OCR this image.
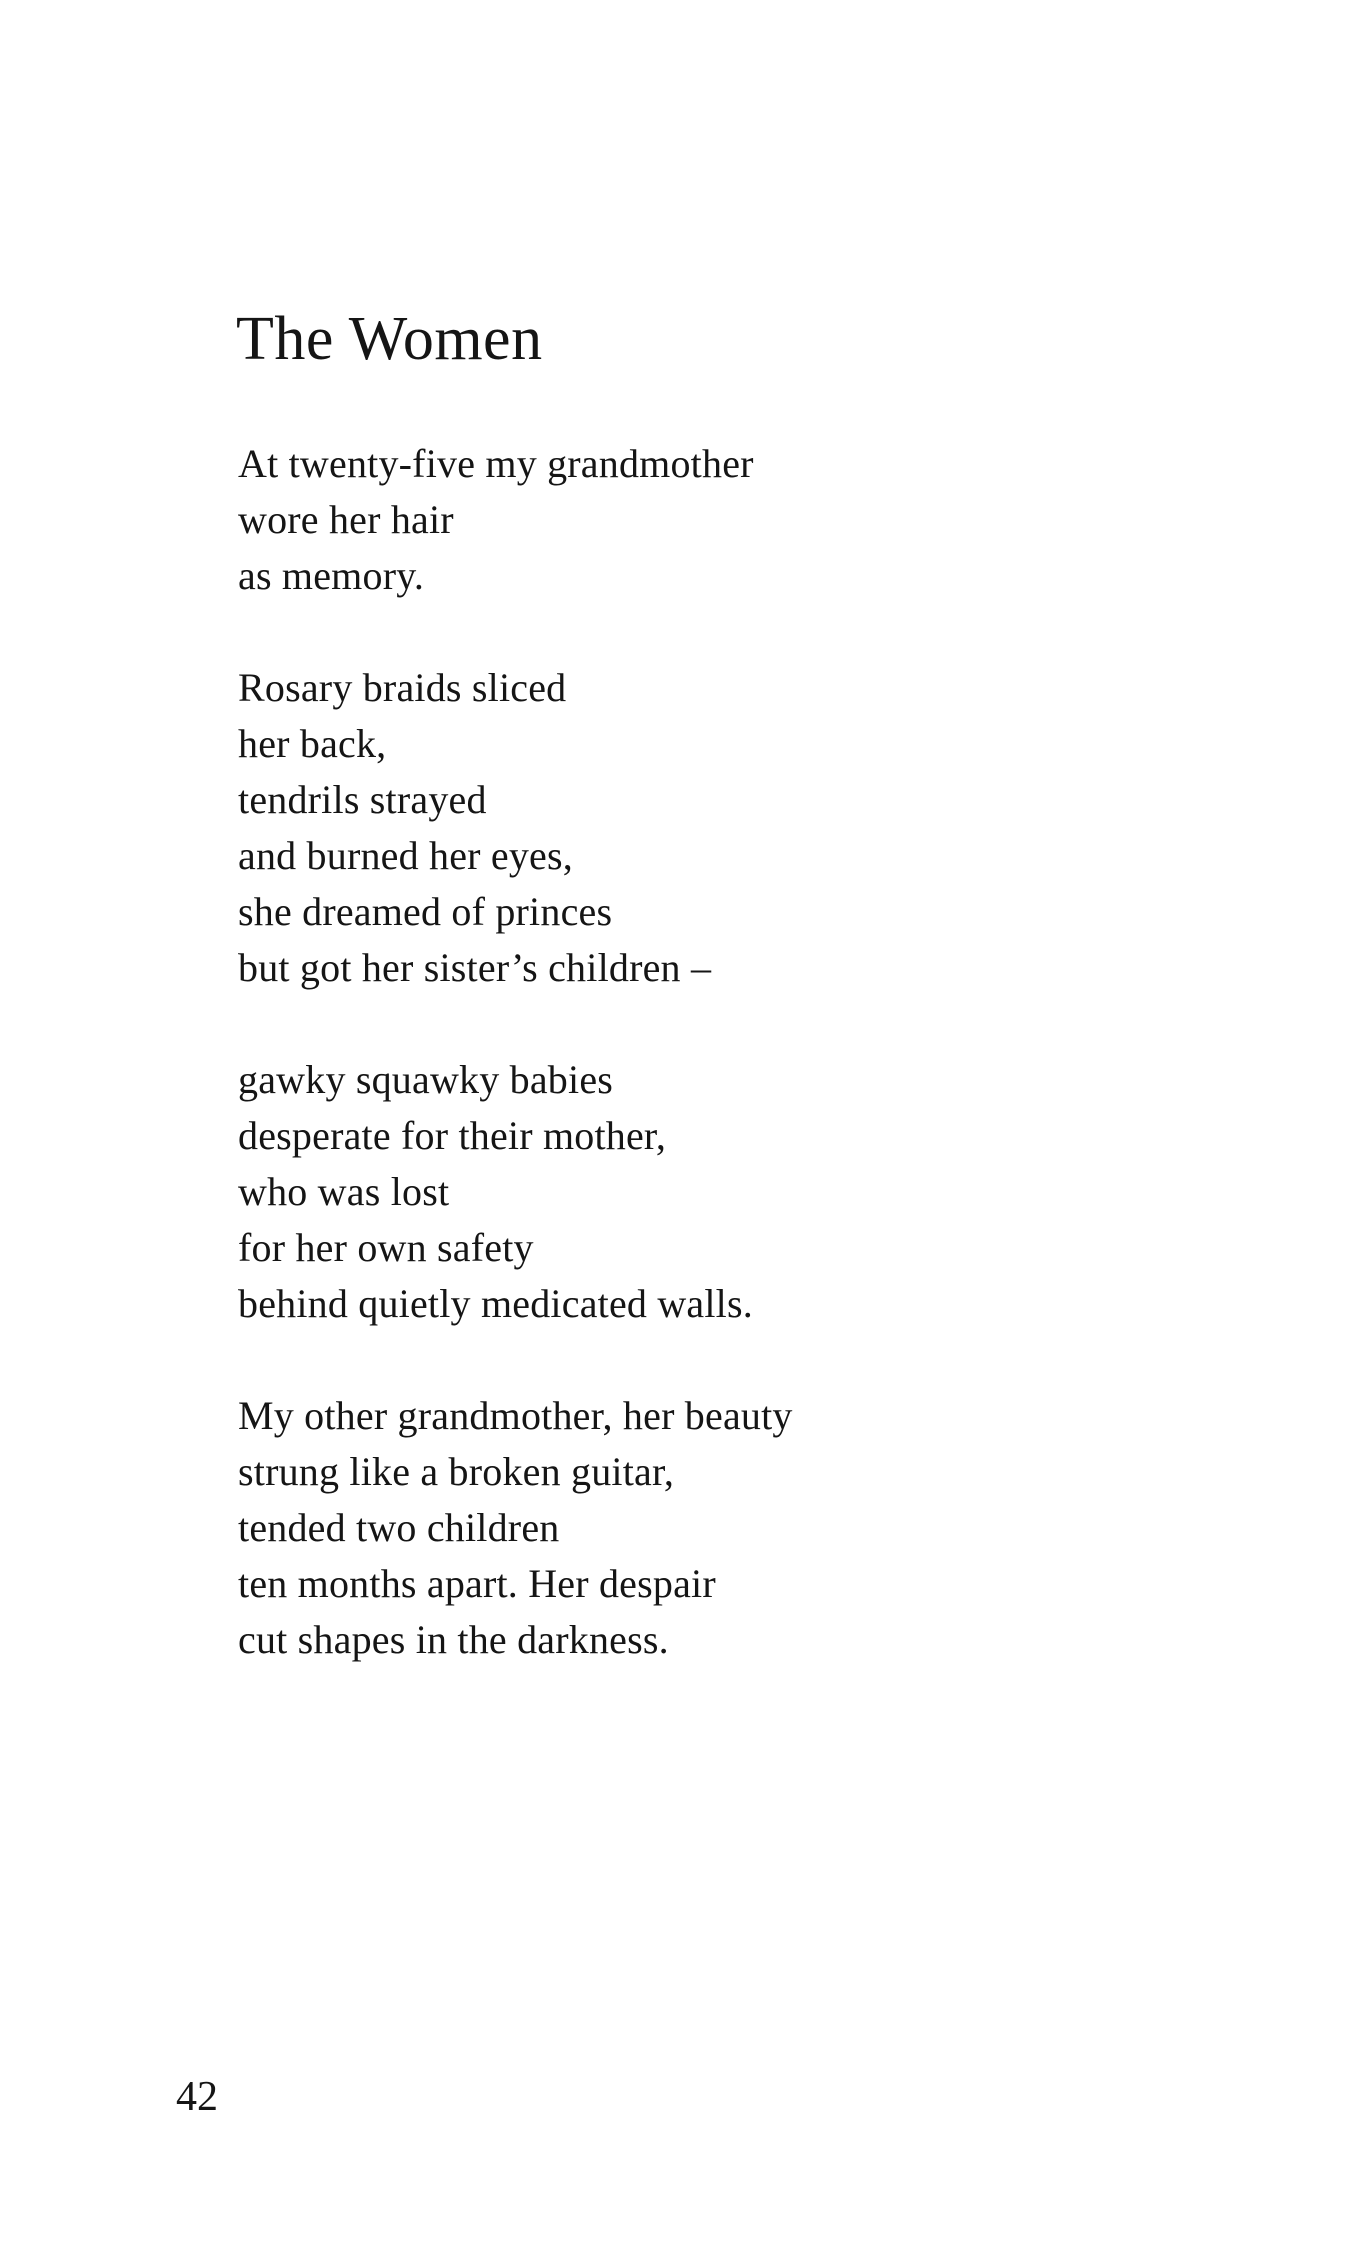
The Women
At twenty-five my grandmother
wore her hair
as memory.
Rosary braids sliced
her back,
tendrils strayed
and burned her eyes,
she dreamed of princes
but got her sister’s children –
gawky squawky babies
desperate for their mother,
who was lost
for her own safety
behind quietly medicated walls.
My other grandmother, her beauty
strung like a broken guitar,
tended two children
ten months apart. Her despair
cut shapes in the darkness.
42
